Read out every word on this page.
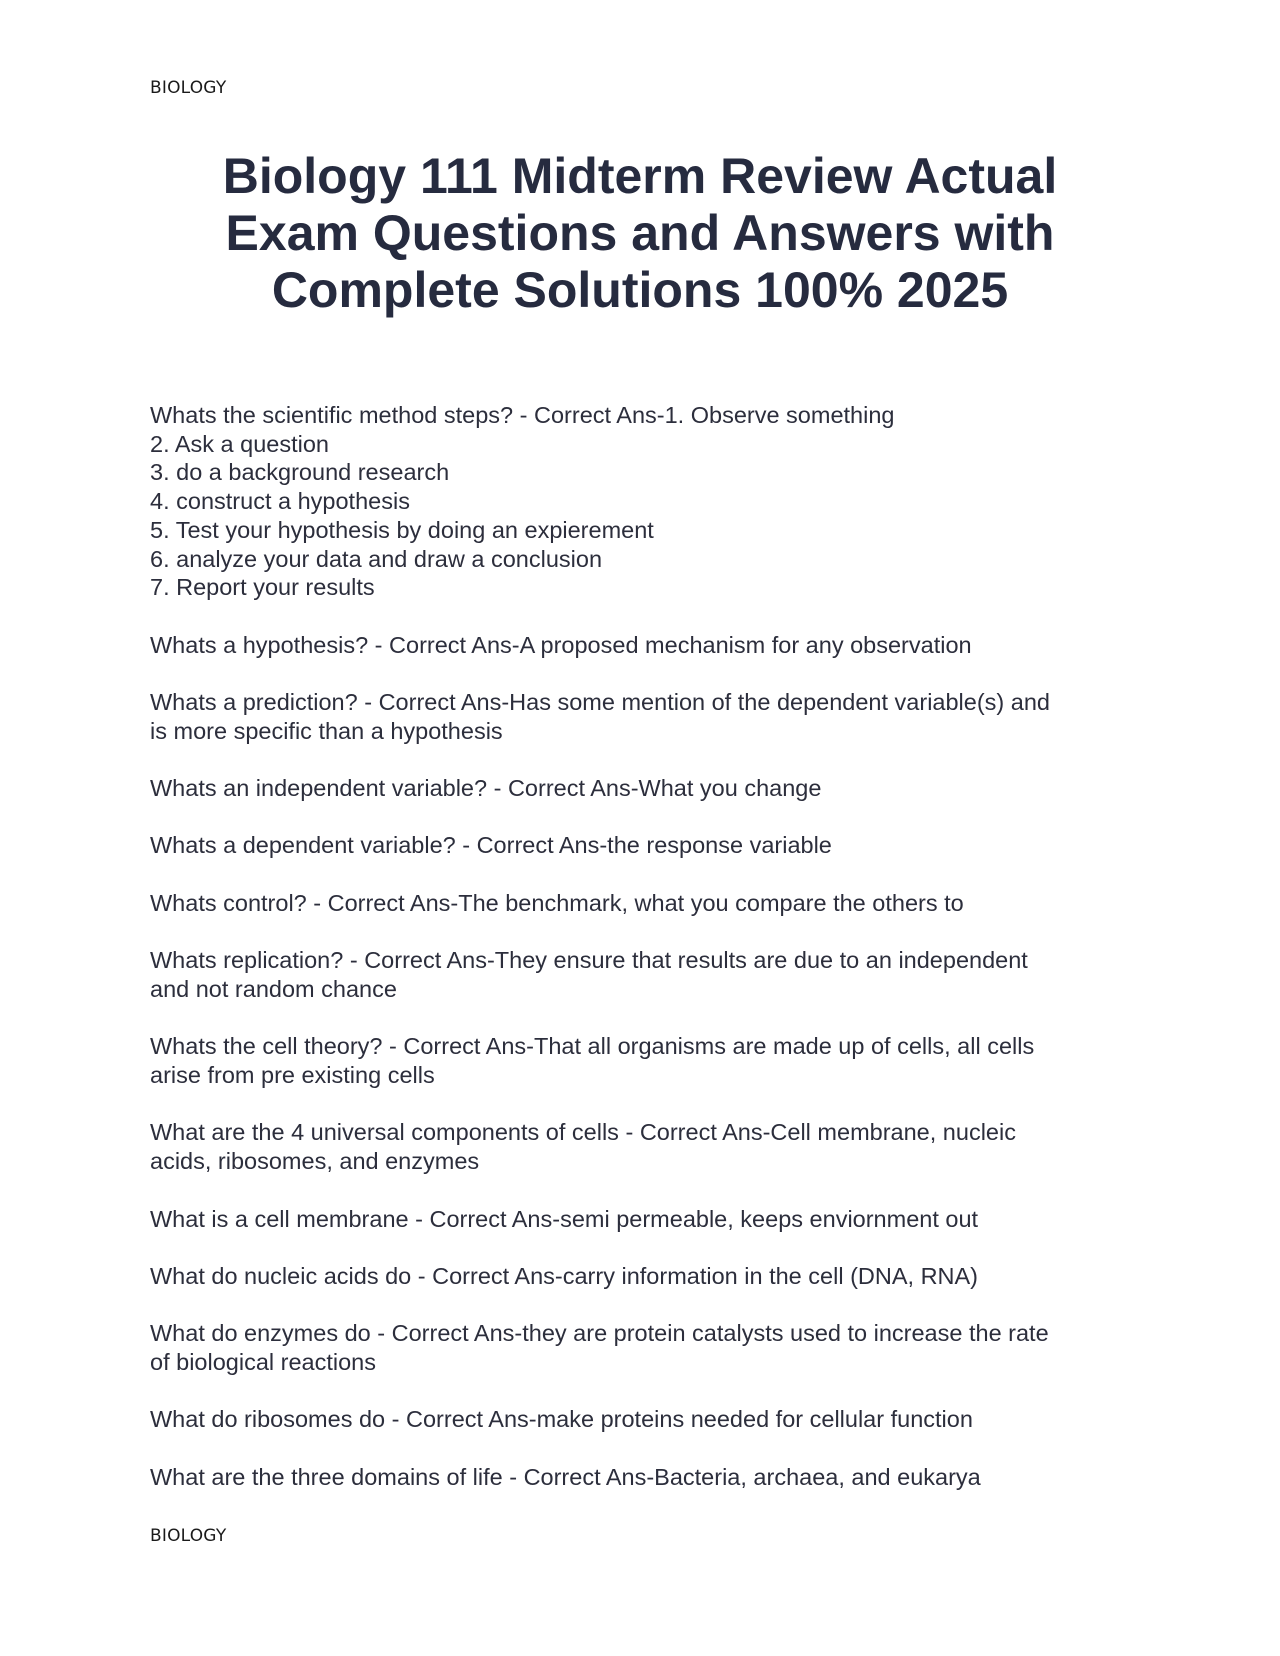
BIOLOGY
Biology 111 Midterm Review Actual
Exam Questions and Answers with
Complete Solutions 100% 2025
Whats the scientific method steps? - Correct Ans-1. Observe something
2. Ask a question
3. do a background research
4. construct a hypothesis
5. Test your hypothesis by doing an expierement
6. analyze your data and draw a conclusion
7. Report your results
Whats a hypothesis? - Correct Ans-A proposed mechanism for any observation
Whats a prediction? - Correct Ans-Has some mention of the dependent variable(s) and
is more specific than a hypothesis
Whats an independent variable? - Correct Ans-What you change
Whats a dependent variable? - Correct Ans-the response variable
Whats control? - Correct Ans-The benchmark, what you compare the others to
Whats replication? - Correct Ans-They ensure that results are due to an independent
and not random chance
Whats the cell theory? - Correct Ans-That all organisms are made up of cells, all cells
arise from pre existing cells
What are the 4 universal components of cells - Correct Ans-Cell membrane, nucleic
acids, ribosomes, and enzymes
What is a cell membrane - Correct Ans-semi permeable, keeps enviornment out
What do nucleic acids do - Correct Ans-carry information in the cell (DNA, RNA)
What do enzymes do - Correct Ans-they are protein catalysts used to increase the rate
of biological reactions
What do ribosomes do - Correct Ans-make proteins needed for cellular function
What are the three domains of life - Correct Ans-Bacteria, archaea, and eukarya
BIOLOGY
